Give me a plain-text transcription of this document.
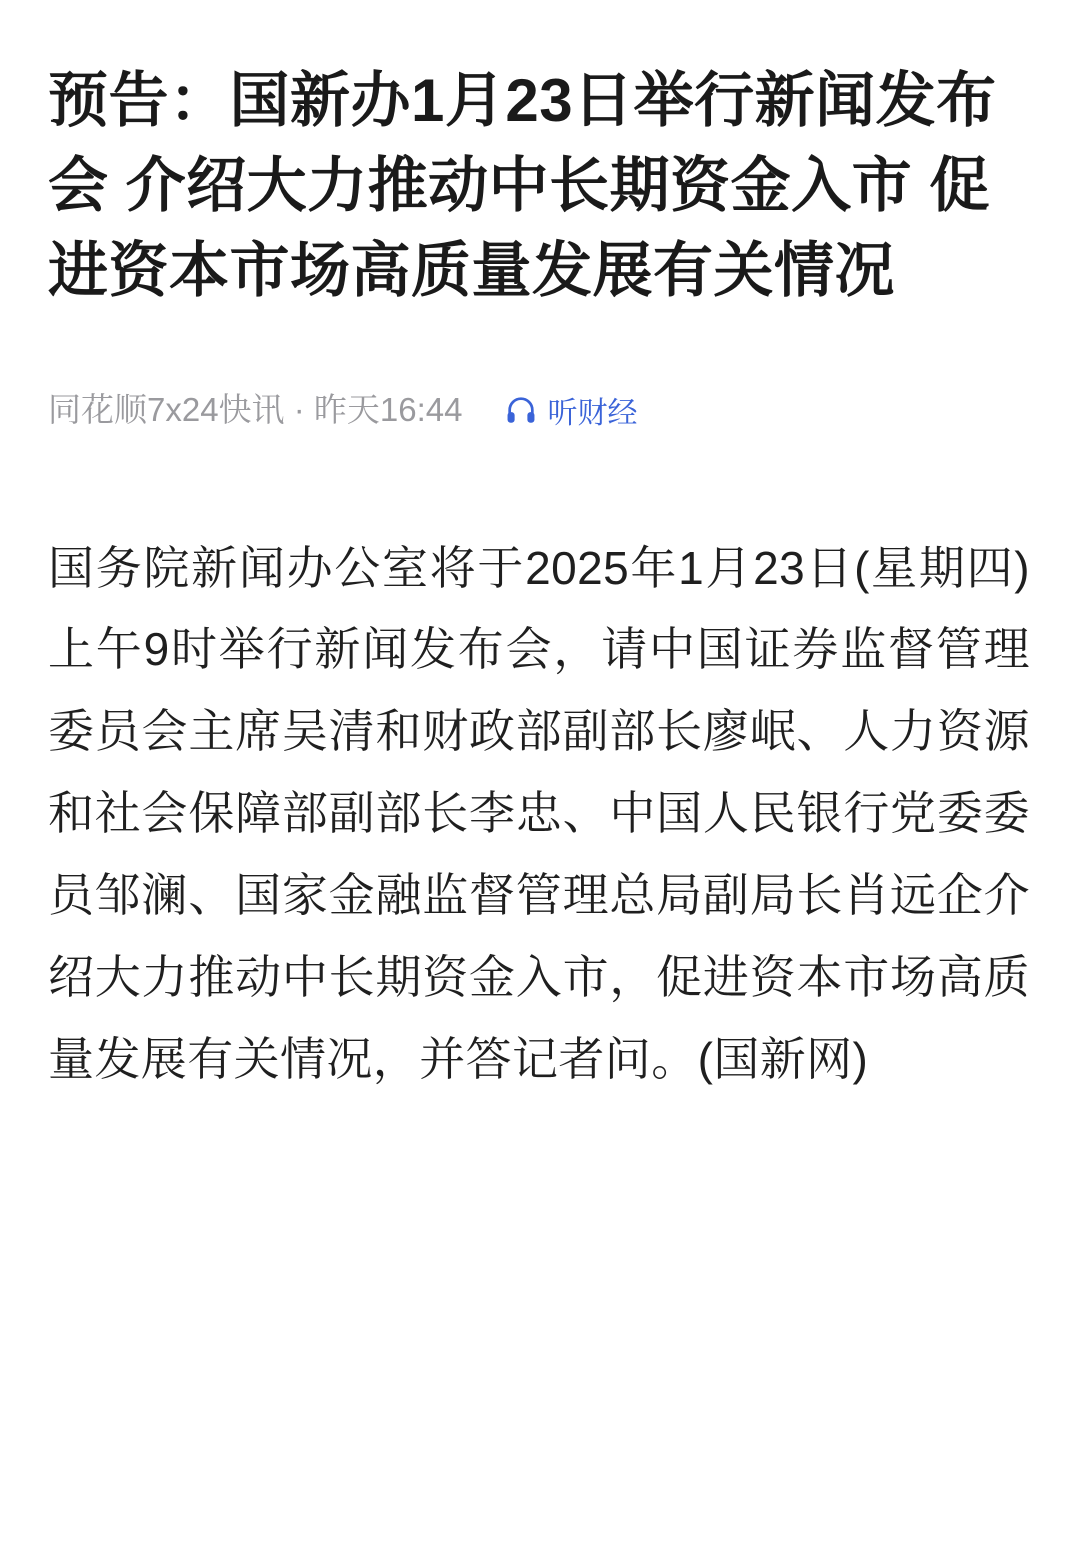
预告：国新办1月23日举行新闻发布会 介绍大力推动中长期资金入市 促进资本市场高质量发展有关情况
同花顺7x24快讯 · 昨天16:44	听财经
国务院新闻办公室将于2025年1月23日(星期四)上午9时举行新闻发布会，请中国证券监督管理委员会主席吴清和财政部副部长廖岷、人力资源和社会保障部副部长李忠、中国人民银行党委委员邹澜、国家金融监督管理总局副局长肖远企介绍大力推动中长期资金入市，促进资本市场高质量发展有关情况，并答记者问。(国新网)
